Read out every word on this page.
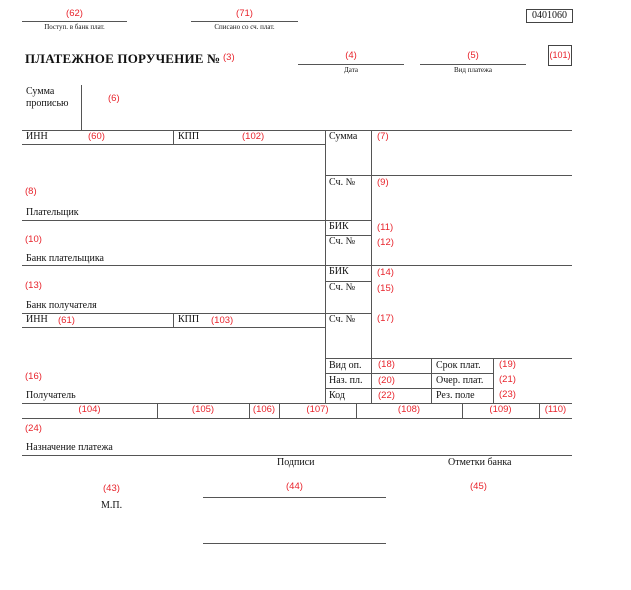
(62)
Поступ. в банк плат.
(71)
Списано со сч. плат.
0401060
ПЛАТЕЖНОЕ ПОРУЧЕНИЕ № (3)	(4)
Дата
(5)
Вид платежа
(101)
Сумма
прописью	(6)
ИНН	(60)	КПП	(102)	Сумма (7)
Сч. № (9)
(8)
Плательщик
БИК	(11)
Сч. № (12)
(10)
Банк плательщика
БИК	(14)
Сч. № (15)
(13)
Банк получателя
ИНН (61)	КПП (103)	Сч. № (17)
(16)
Получатель
Вид оп. (18)	Срок плат. (19)
Наз. пл. (20)	Очер. плат. (21)
Код	(22)	Рез. поле	(23)
(104)	(105)	(106)	(107)	(108)	(109)	(110)
(24)
Назначение платежа
Подписи	Отметки банка
(43)
М.П.
(44)	(45)
